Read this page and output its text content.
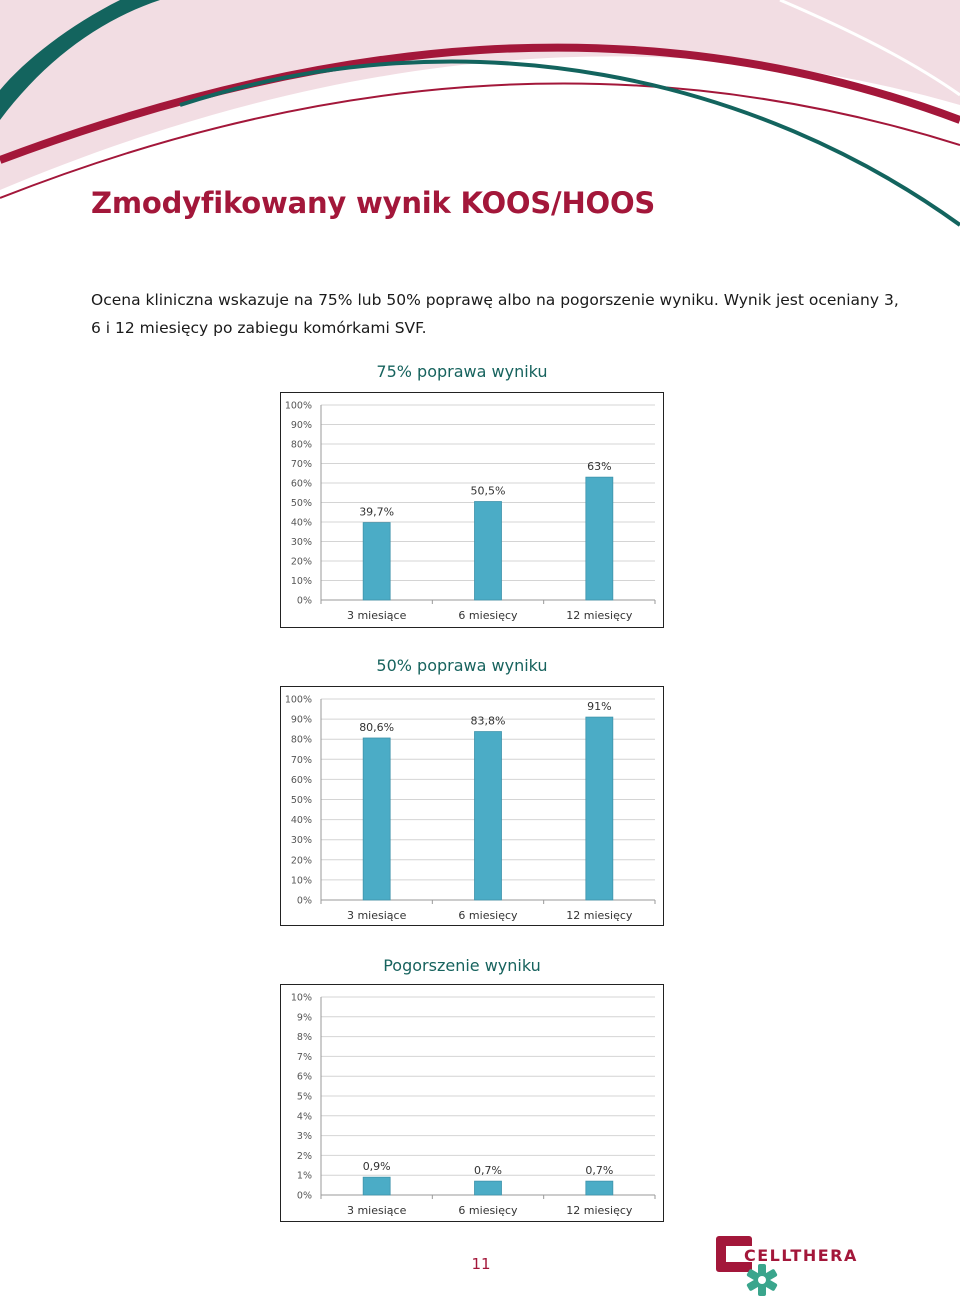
Zmodyfikowany wynik KOOS/HOOS

Ocena kliniczna wskazuje na 75% lub 50% poprawę albo na pogorszenie wyniku. Wynik jest oceniany 3, 6 i 12 miesięcy po zabiegu komórkami SVF.

75% poprawa wyniku
0%
10%
20%
30%
40%
50%
60%
70%
80%
90%
100%
39,7%
3 miesiące
50,5%
6 miesięcy
63%
12 miesięcy
50% poprawa wyniku
0%
10%
20%
30%
40%
50%
60%
70%
80%
90%
100%
80,6%
3 miesiące
83,8%
6 miesięcy
91%
12 miesięcy
Pogorszenie wyniku
0%
1%
2%
3%
4%
5%
6%
7%
8%
9%
10%
0,9%
3 miesiące
0,7%
6 miesięcy
0,7%
12 miesięcy
11	CELLTHERA
